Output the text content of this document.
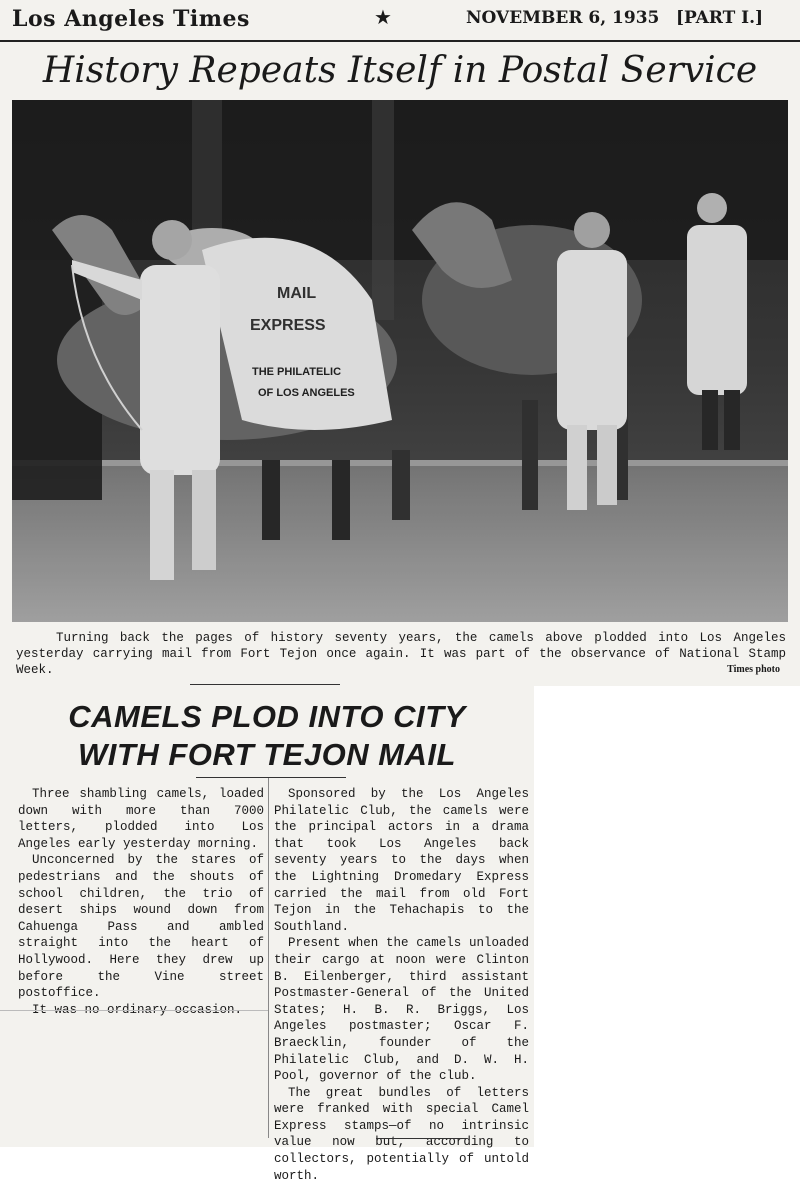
Los Angeles Times	★	NOVEMBER 6, 1935 [PART I.]
History Repeats Itself in Postal Service
MAIL
EXPRESS
THE PHILATELIC
OF LOS ANGELES
Turning back the pages of history seventy years, the camels above plodded into Los Angeles yesterday carrying mail from Fort Tejon once again. It was part of the observance of National Stamp Week.	Times photo
CAMELS PLOD INTO CITY
WITH FORT TEJON MAIL

Three shambling camels, loaded down with more than 7000 letters, plodded into Los Angeles early yesterday morning.

Unconcerned by the stares of pedestrians and the shouts of school children, the trio of desert ships wound down from Cahuenga Pass and ambled straight into the heart of Hollywood. Here they drew up before the Vine street postoffice.

It was no ordinary occasion.

Sponsored by the Los Angeles Philatelic Club, the camels were the principal actors in a drama that took Los Angeles back seventy years to the days when the Lightning Dromedary Express carried the mail from old Fort Tejon in the Tehachapis to the Southland.

Present when the camels unloaded their cargo at noon were Clinton B. Eilenberger, third assistant Postmaster-General of the United States; H. B. R. Briggs, Los Angeles postmaster; Oscar F. Braecklin, founder of the Philatelic Club, and D. W. H. Pool, governor of the club.

The great bundles of letters were franked with special Camel Express stamps—of no intrinsic value now but, according to collectors, potentially of untold worth.
